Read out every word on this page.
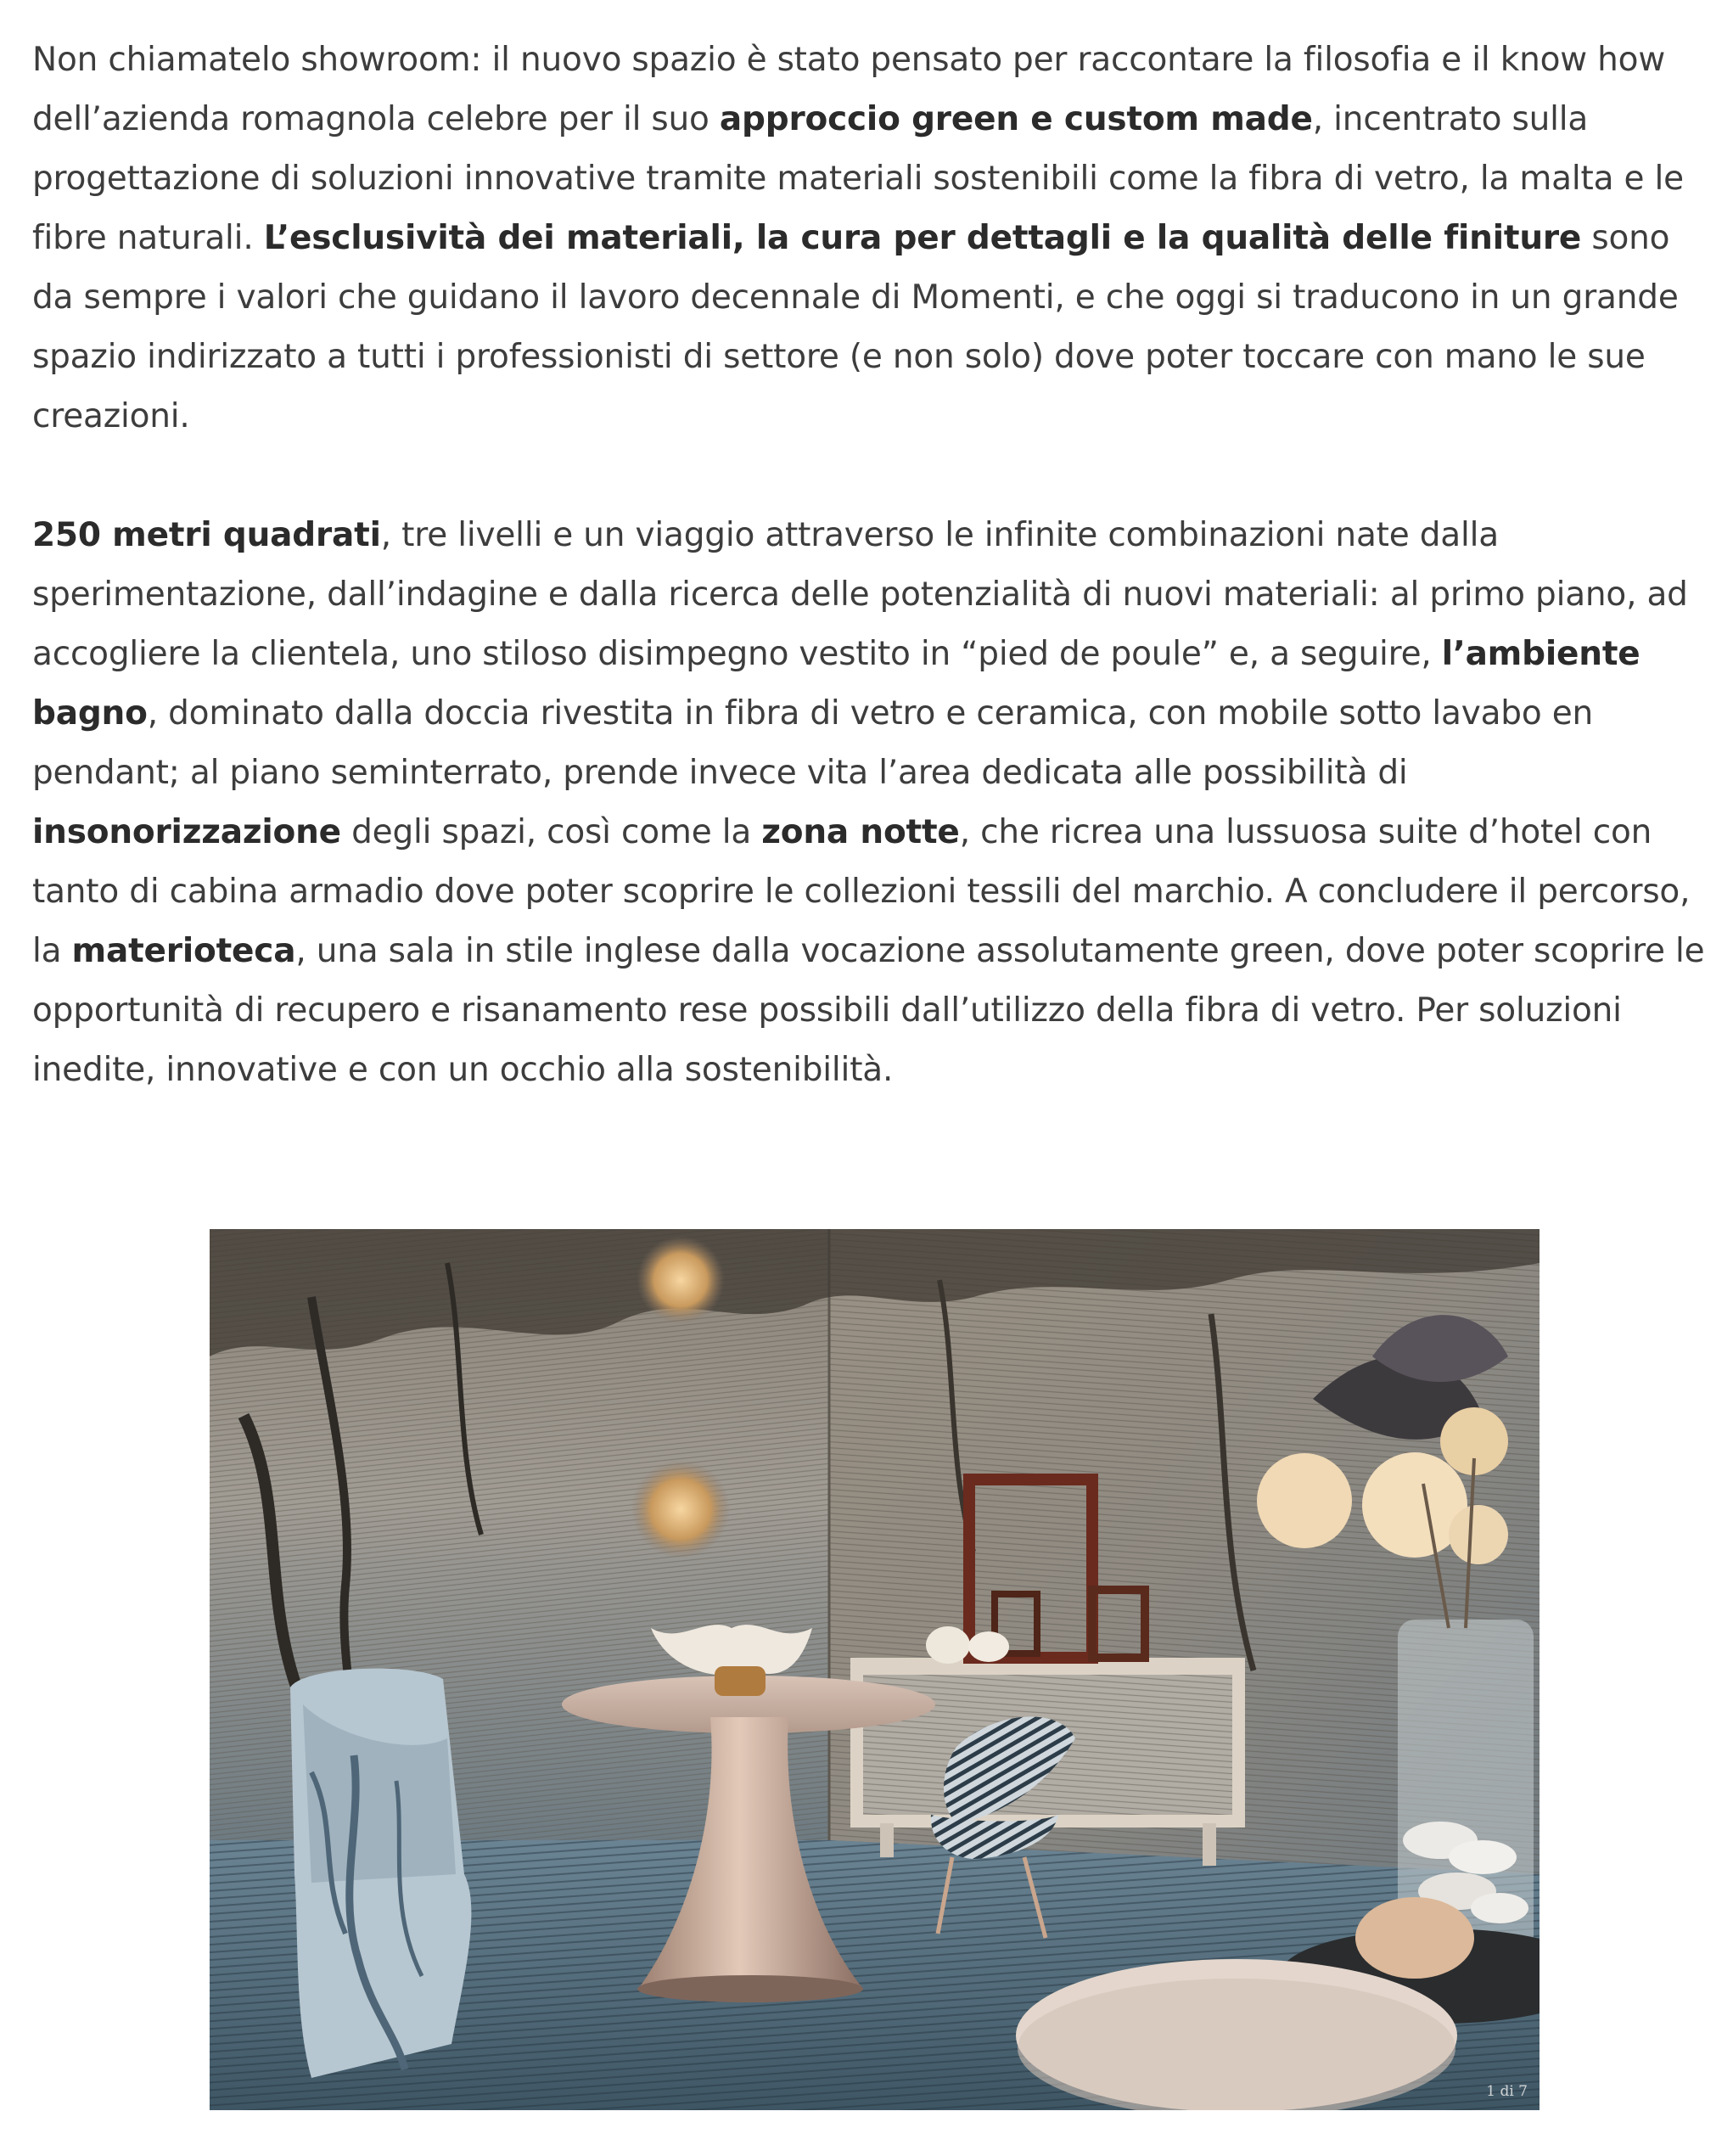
Non chiamatelo showroom: il nuovo spazio è stato pensato per raccontare la filosofia e il know how dell’azienda romagnola celebre per il suo approccio green e custom made, incentrato sulla progettazione di soluzioni innovative tramite materiali sostenibili come la fibra di vetro, la malta e le fibre naturali. L’esclusività dei materiali, la cura per dettagli e la qualità delle finiture sono da sempre i valori che guidano il lavoro decennale di Momenti, e che oggi si traducono in un grande spazio indirizzato a tutti i professionisti di settore (e non solo) dove poter toccare con mano le sue creazioni.

250 metri quadrati, tre livelli e un viaggio attraverso le infinite combinazioni nate dalla sperimentazione, dall’indagine e dalla ricerca delle potenzialità di nuovi materiali: al primo piano, ad accogliere la clientela, uno stiloso disimpegno vestito in “pied de poule” e, a seguire, l’ambiente bagno, dominato dalla doccia rivestita in fibra di vetro e ceramica, con mobile sotto lavabo en pendant; al piano seminterrato, prende invece vita l’area dedicata alle possibilità di insonorizzazione degli spazi, così come la zona notte, che ricrea una lussuosa suite d’hotel con tanto di cabina armadio dove poter scoprire le collezioni tessili del marchio. A concludere il percorso, la materioteca, una sala in stile inglese dalla vocazione assolutamente green, dove poter scoprire le opportunità di recupero e risanamento rese possibili dall’utilizzo della fibra di vetro. Per soluzioni inedite, innovative e con un occhio alla sostenibilità.

1 di 7
